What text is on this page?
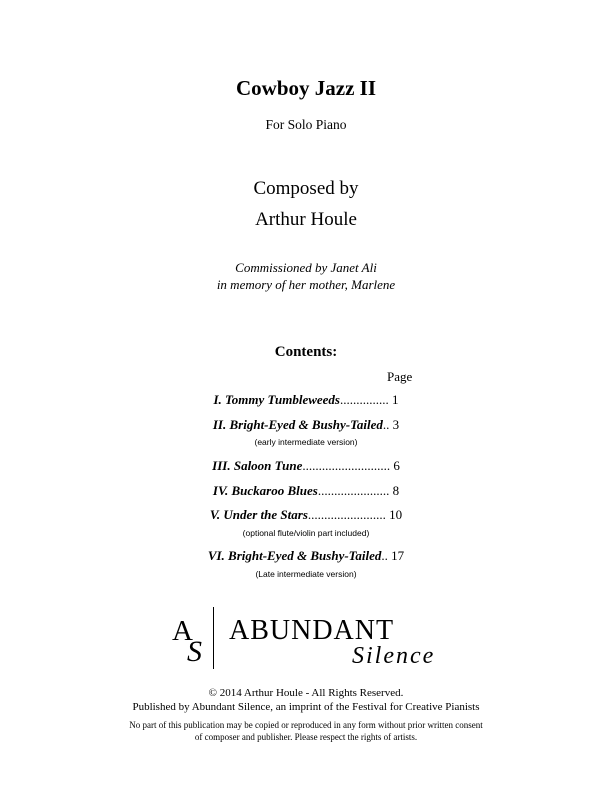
Cowboy Jazz II
For Solo Piano
Composed by
Arthur Houle
Commissioned by Janet Ali
in memory of her mother, Marlene
Contents:
Page
I. Tommy Tumbleweeds............... 1
II. Bright-Eyed & Bushy-Tailed.. 3
(early intermediate version)
III. Saloon Tune........................... 6
IV. Buckaroo Blues...................... 8
V. Under the Stars........................ 10
(optional flute/violin part included)
VI. Bright-Eyed & Bushy-Tailed.. 17
(Late intermediate version)
A
S
ABUNDANT
Silence
© 2014 Arthur Houle - All Rights Reserved.
Published by Abundant Silence, an imprint of the Festival for Creative Pianists
No part of this publication may be copied or reproduced in any form without prior written consent
of composer and publisher. Please respect the rights of artists.
